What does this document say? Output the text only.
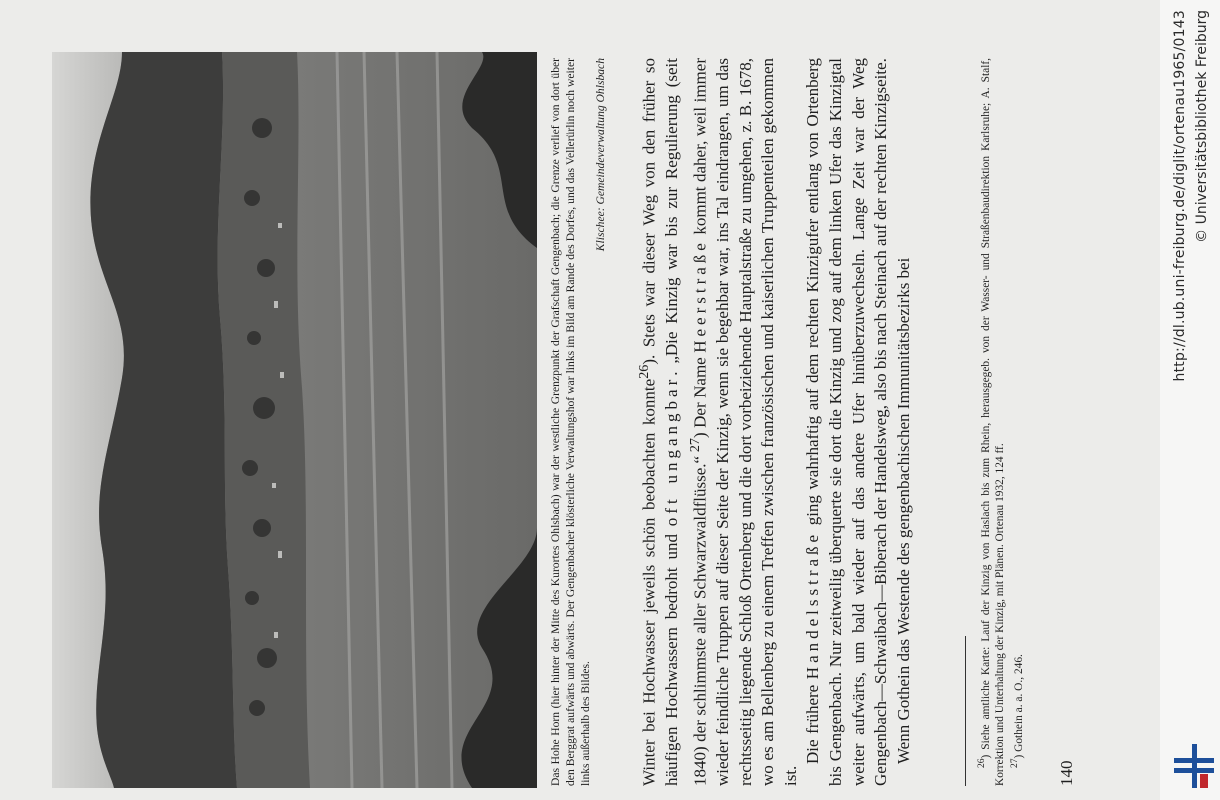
Das Hohe Horn (hier hinter der Mitte des Kurortes Ohlsbach) war der westliche Grenzpunkt der Grafschaft Gengenbach; die Grenze verlief von dort über den Berggrat aufwärts und abwärts. Der Gengenbacher klösterliche Verwaltungshof war links im Bild am Rande des Dorfes, und das Vellerürlin noch weiter links außerhalb des Bildes.
Klischee: Gemeindeverwaltung Ohlsbach

Winter bei Hochwasser jeweils schön beobachten konnte$^{26}$). Stets war dieser Weg von den früher so häufigen Hochwassern bedroht und oft ungangbar. „Die Kinzig war bis zur Regulierung (seit 1840) der schlimmste aller Schwarzwaldflüsse.“ $^{27}$) Der Name Heerstraße kommt daher, weil immer wieder feindliche Truppen auf dieser Seite der Kinzig, wenn sie begehbar war, ins Tal eindrangen, um das rechtsseitig liegende Schloß Ortenberg und die dort vorbeiziehende Hauptalstraße zu umgehen, z. B. 1678, wo es am Bellenberg zu einem Treffen zwischen französischen und kaiserlichen Truppenteilen gekommen ist.

Die frühere Handelsstraße ging wahrhaftig auf dem rechten Kinzigufer entlang von Ortenberg bis Gengenbach. Nur zeitweilig überquerte sie dort die Kinzig und zog auf dem linken Ufer das Kinzigtal weiter aufwärts, um bald wieder auf das andere Ufer hinüberzuwechseln. Lange Zeit war der Weg Gengenbach—Schwaibach—Biberach der Handelsweg, also bis nach Steinach auf der rechten Kinzigseite. Wenn Gothein das Westende des gengenbachischen Immunitätsbezirks bei	$^{26}$) Siehe amtliche Karte: Lauf der Kinzig von Haslach bis zum Rhein, herausgegeb. von der Wasser- und Straßenbaudirektion Karlsruhe; A. Stalf, Korrektion und Unterhaltung der Kinzig, mit Plänen. Ortenau 1932, 124 ff. $^{27}$) Gothein a. a. O., 246.

140
http://dl.ub.uni-freiburg.de/diglit/ortenau1965/0143 © Universitätsbibliothek Freiburg
